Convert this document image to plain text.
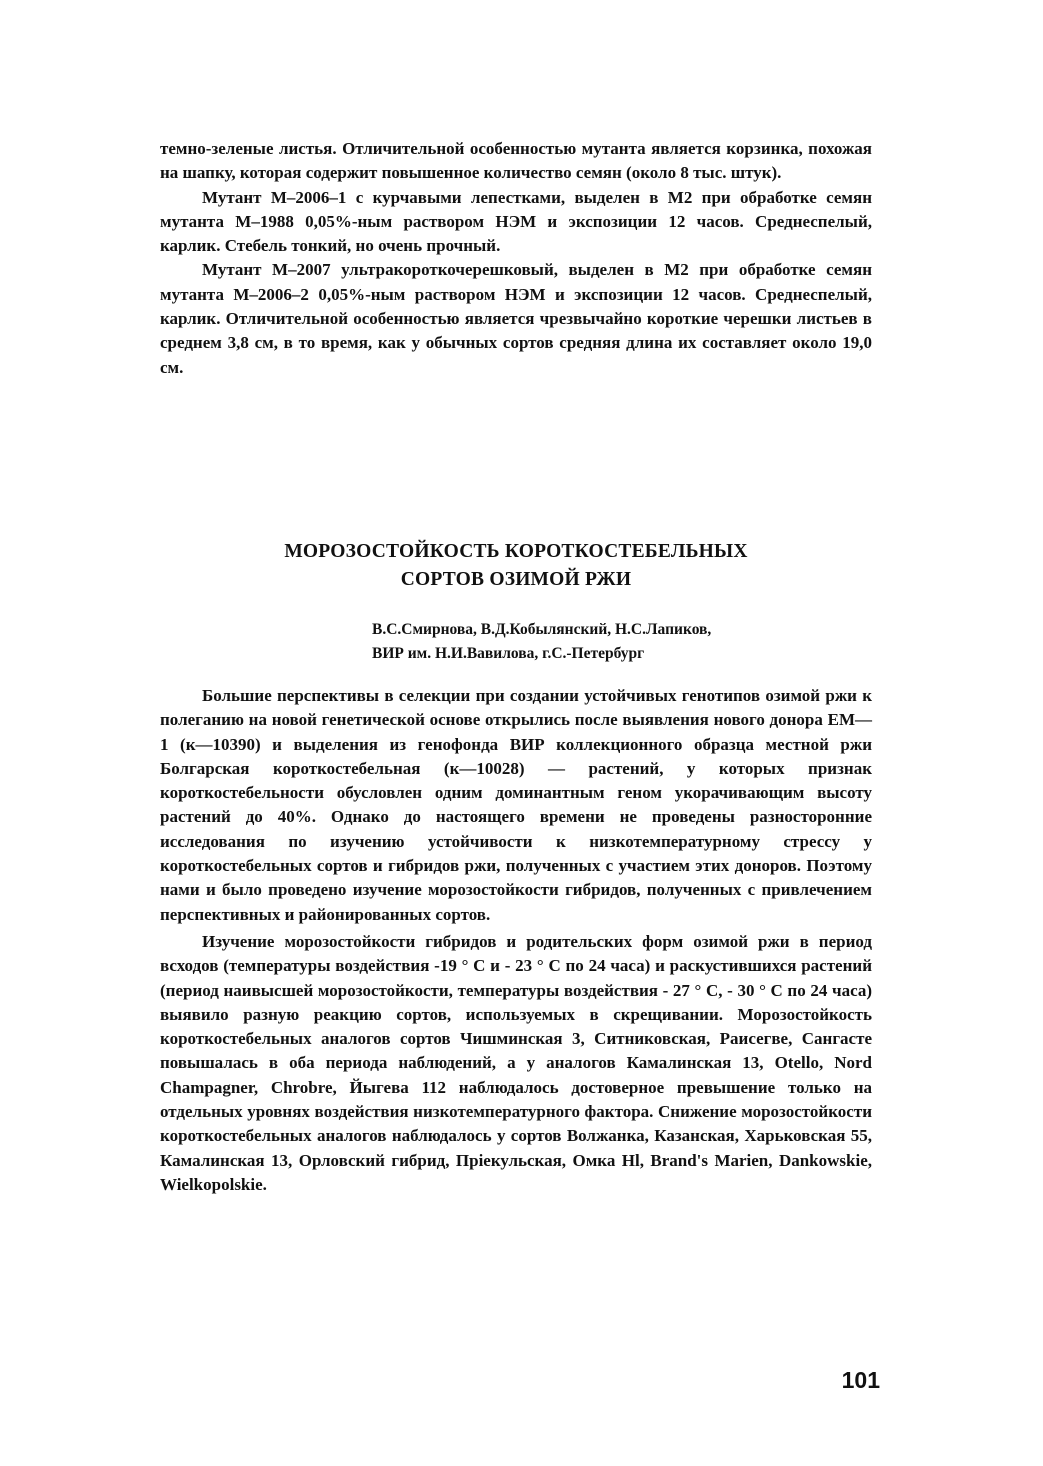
темно-зеленые листья. Отличительной особенностью мутанта является корзинка, похожая на шапку, которая содержит повышенное количество семян (около 8 тыс. штук).

Мутант М–2006–1 с курчавыми лепестками, выделен в М2 при обработке семян мутанта М–1988 0,05%-ным раствором НЭМ и экспозиции 12 часов. Среднеспелый, карлик. Стебель тонкий, но очень прочный.

Мутант М–2007 ультракороткочерешковый, выделен в М2 при обработке семян мутанта М–2006–2 0,05%-ным раствором НЭМ и экспозиции 12 часов. Среднеспелый, карлик. Отличительной особенностью является чрезвычайно короткие черешки листьев в среднем 3,8 см, в то время, как у обычных сортов средняя длина их составляет около 19,0 см.

МОРОЗОСТОЙКОСТЬ КОРОТКОСТЕБЕЛЬНЫХ
СОРТОВ ОЗИМОЙ РЖИ
В.С.Смирнова, В.Д.Кобылянский, Н.С.Лапиков,
ВИР им. Н.И.Вавилова, г.С.-Петербург

Большие перспективы в селекции при создании устойчивых генотипов озимой ржи к полеганию на новой генетической основе открылись после выявления нового донора ЕМ—1 (к—10390) и выделения из генофонда ВИР коллекционного образца местной ржи Болгарская короткостебельная (к—10028) — растений, у которых признак короткостебельности обусловлен одним доминантным геном укорачивающим высоту растений до 40%. Однако до настоящего времени не проведены разносторонние исследования по изучению устойчивости к низкотемпературному стрессу у короткостебельных сортов и гибридов ржи, полученных с участием этих доноров. Поэтому нами и было проведено изучение морозостойкости гибридов, полученных с привлечением перспективных и районированных сортов.

Изучение морозостойкости гибридов и родительских форм озимой ржи в период всходов (температуры воздействия -19 ° С и - 23 ° С по 24 часа) и раскустившихся растений (период наивысшей морозостойкости, температуры воздействия - 27 ° С, - 30 ° С по 24 часа) выявило разную реакцию сортов, используемых в скрещивании. Морозостойкость короткостебельных аналогов сортов Чишминская 3, Ситниковская, Раисегве, Сангасте повышалась в оба периода наблюдений, а у аналогов Камалинская 13, Otello, Nord Champagner, Chrobre, Йыгева 112 наблюдалось достоверное превышение только на отдельных уровнях воздействия низкотемпературного фактора. Снижение морозостойкости короткостебельных аналогов наблюдалось у сортов Волжанка, Казанская, Харьковская 55, Камалинская 13, Орловский гибрид, Прiекульская, Омка Hl, Brand's Marien, Dankowskie, Wielkopolskie.

101
